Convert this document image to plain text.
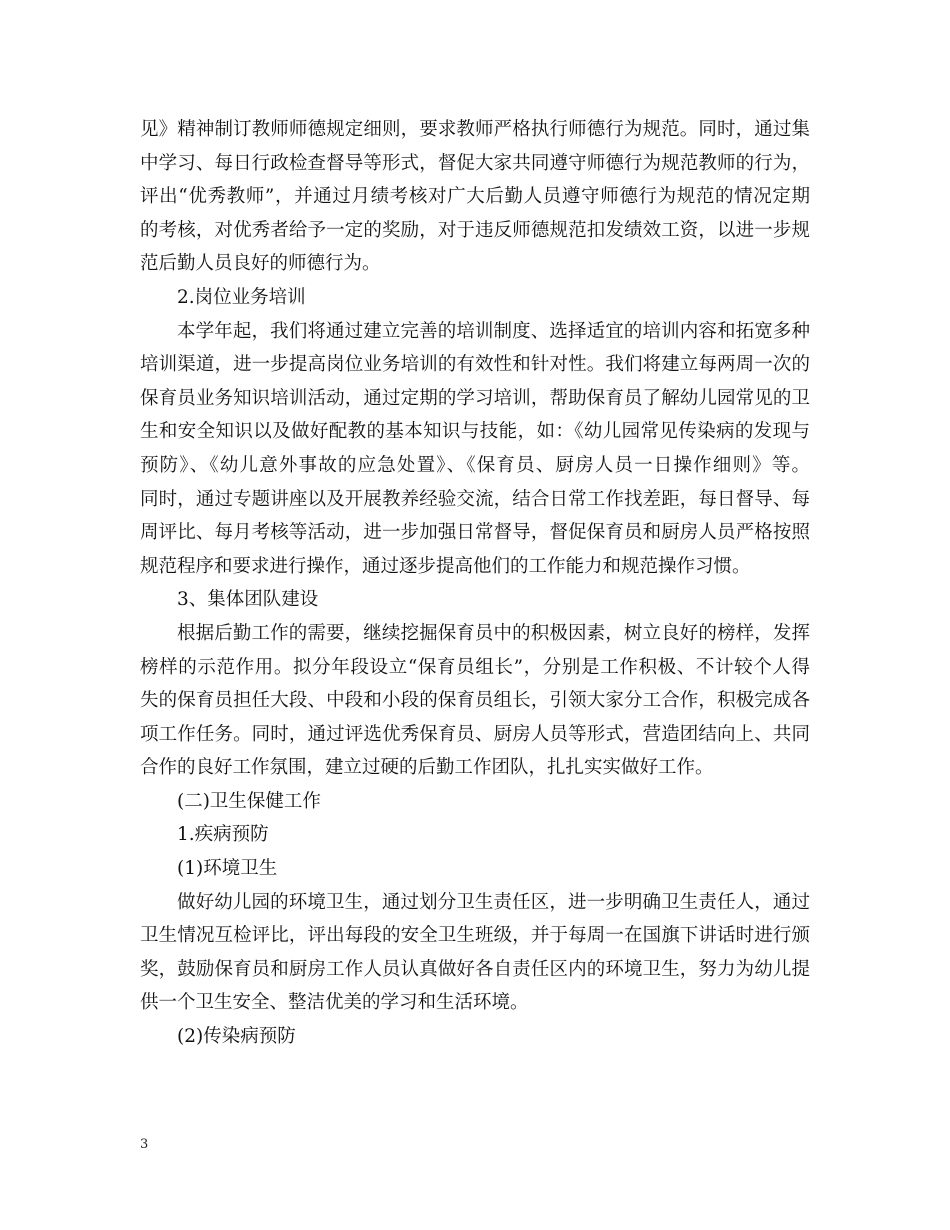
见》精神制订教师师德规定细则，要求教师严格执行师德行为规范。同时，通过集
中学习、每日行政检查督导等形式，督促大家共同遵守师德行为规范教师的行为，
评出“优秀教师”，并通过月绩考核对广大后勤人员遵守师德行为规范的情况定期
的考核，对优秀者给予一定的奖励，对于违反师德规范扣发绩效工资，以进一步规
范后勤人员良好的师德行为。
2.岗位业务培训
本学年起，我们将通过建立完善的培训制度、选择适宜的培训内容和拓宽多种
培训渠道，进一步提高岗位业务培训的有效性和针对性。我们将建立每两周一次的
保育员业务知识培训活动，通过定期的学习培训，帮助保育员了解幼儿园常见的卫
生和安全知识以及做好配教的基本知识与技能，如：《幼儿园常见传染病的发现与
预防》、《幼儿意外事故的应急处置》、《保育员、厨房人员一日操作细则》等。
同时，通过专题讲座以及开展教养经验交流，结合日常工作找差距，每日督导、每
周评比、每月考核等活动，进一步加强日常督导，督促保育员和厨房人员严格按照
规范程序和要求进行操作，通过逐步提高他们的工作能力和规范操作习惯。
3、集体团队建设
根据后勤工作的需要，继续挖掘保育员中的积极因素，树立良好的榜样，发挥
榜样的示范作用。拟分年段设立“保育员组长”，分别是工作积极、不计较个人得
失的保育员担任大段、中段和小段的保育员组长，引领大家分工合作，积极完成各
项工作任务。同时，通过评选优秀保育员、厨房人员等形式，营造团结向上、共同
合作的良好工作氛围，建立过硬的后勤工作团队，扎扎实实做好工作。
(二)卫生保健工作
1.疾病预防
(1)环境卫生
做好幼儿园的环境卫生，通过划分卫生责任区，进一步明确卫生责任人，通过
卫生情况互检评比，评出每段的安全卫生班级，并于每周一在国旗下讲话时进行颁
奖，鼓励保育员和厨房工作人员认真做好各自责任区内的环境卫生，努力为幼儿提
供一个卫生安全、整洁优美的学习和生活环境。
(2)传染病预防
3
